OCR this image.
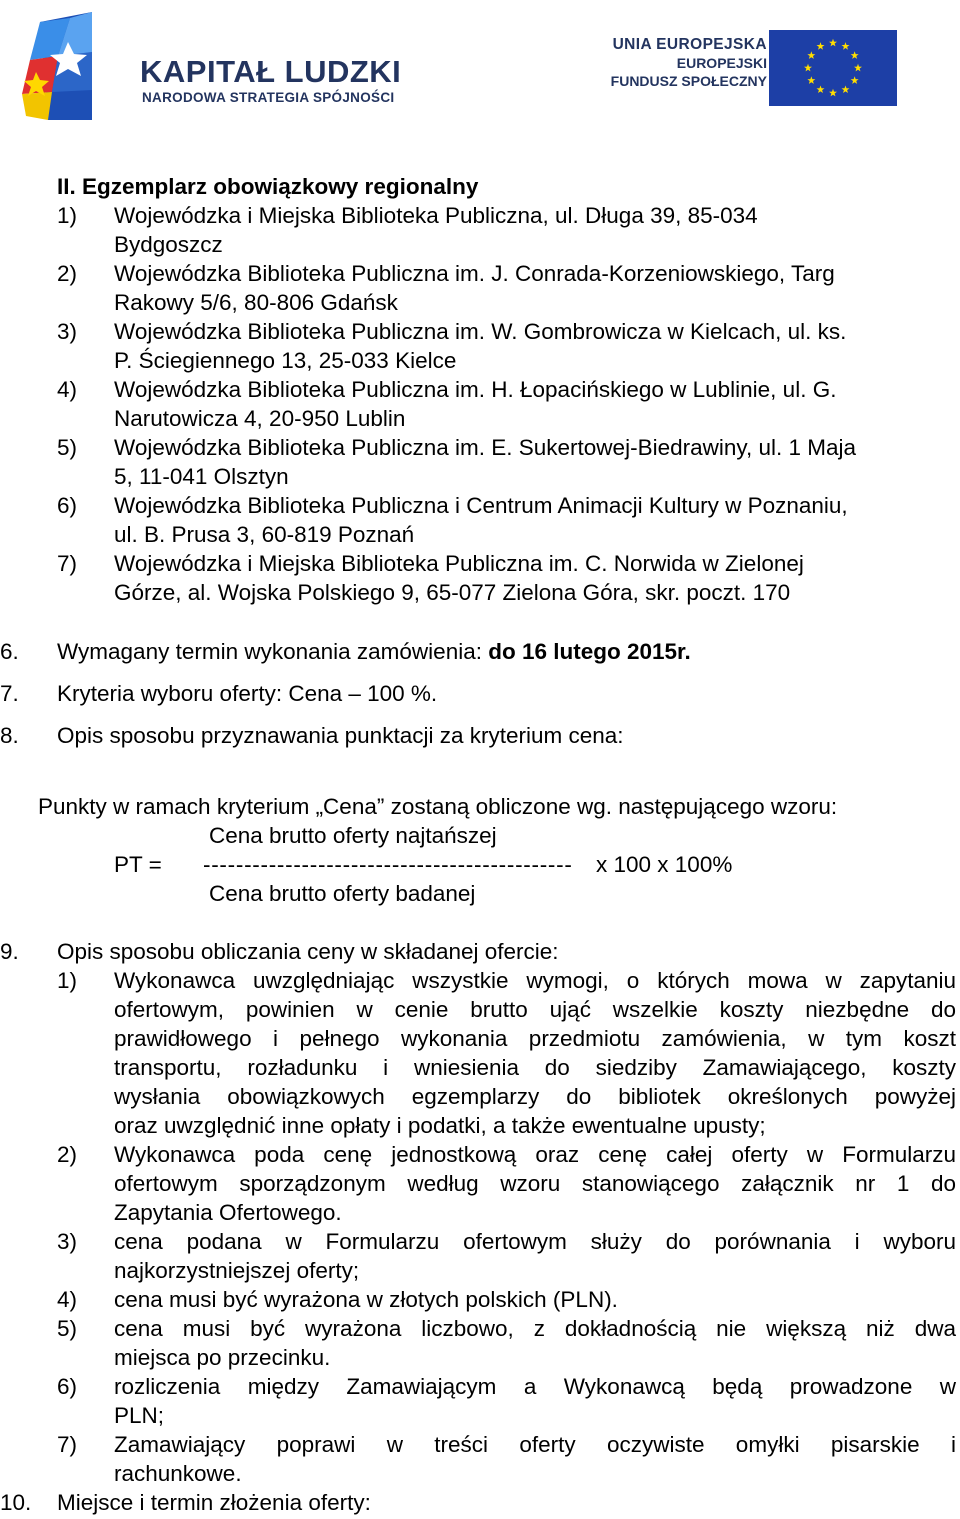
KAPITAŁ LUDZKI
NARODOWA STRATEGIA SPÓJNOŚCI
UNIA EUROPEJSKA
EUROPEJSKI
FUNDUSZ SPOŁECZNY
II. Egzemplarz obowiązkowy regionalny
1) Wojewódzka i Miejska Biblioteka Publiczna, ul. Długa 39, 85-034
Bydgoszcz
2) Wojewódzka Biblioteka Publiczna im. J. Conrada-Korzeniowskiego, Targ
Rakowy 5/6, 80-806 Gdańsk
3) Wojewódzka Biblioteka Publiczna im. W. Gombrowicza w Kielcach, ul. ks.
P. Ściegiennego 13, 25-033 Kielce
4) Wojewódzka Biblioteka Publiczna im. H. Łopacińskiego w Lublinie, ul. G.
Narutowicza 4, 20-950 Lublin
5) Wojewódzka Biblioteka Publiczna im. E. Sukertowej-Biedrawiny, ul. 1 Maja
5, 11-041 Olsztyn
6) Wojewódzka Biblioteka Publiczna i Centrum Animacji Kultury w Poznaniu,
ul. B. Prusa 3, 60-819 Poznań
7) Wojewódzka i Miejska Biblioteka Publiczna im. C. Norwida w Zielonej
Górze, al. Wojska Polskiego 9, 65-077 Zielona Góra, skr. poczt. 170
6. Wymagany termin wykonania zamówienia: do 16 lutego 2015r.
7. Kryteria wyboru oferty: Cena – 100 %.
8. Opis sposobu przyznawania punktacji za kryterium cena:
Punkty w ramach kryterium „Cena” zostaną obliczone wg. następującego wzoru:
Cena brutto oferty najtańszej
PT = --------------------------------------------- x 100 x 100%
Cena brutto oferty badanej
9. Opis sposobu obliczania ceny w składanej ofercie:
1) Wykonawca uwzględniając wszystkie wymogi, o których mowa w zapytaniu
ofertowym, powinien w cenie brutto ująć wszelkie koszty niezbędne do
prawidłowego i pełnego wykonania przedmiotu zamówienia, w tym koszt
transportu, rozładunku i wniesienia do siedziby Zamawiającego, koszty
wysłania obowiązkowych egzemplarzy do bibliotek określonych powyżej
oraz uwzględnić inne opłaty i podatki, a także ewentualne upusty;
2) Wykonawca poda cenę jednostkową oraz cenę całej oferty w Formularzu
ofertowym sporządzonym według wzoru stanowiącego załącznik nr 1 do
Zapytania Ofertowego.
3) cena podana w Formularzu ofertowym służy do porównania i wyboru
najkorzystniejszej oferty;
4) cena musi być wyrażona w złotych polskich (PLN).
5) cena musi być wyrażona liczbowo, z dokładnością nie większą niż dwa
miejsca po przecinku.
6) rozliczenia między Zamawiającym a Wykonawcą będą prowadzone w
PLN;
7) Zamawiający poprawi w treści oferty oczywiste omyłki pisarskie i
rachunkowe.
10. Miejsce i termin złożenia oferty:
